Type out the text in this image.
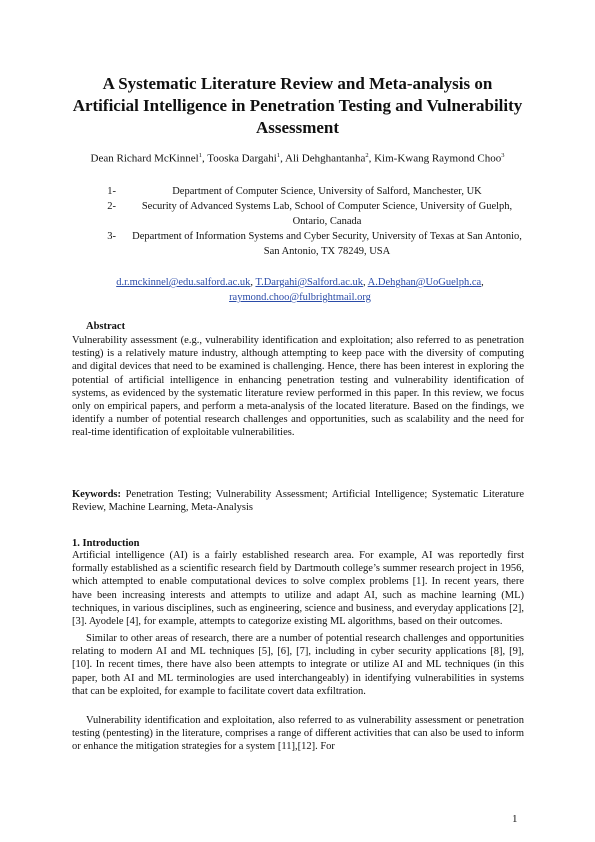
A Systematic Literature Review and Meta-analysis on Artificial Intelligence in Penetration Testing and Vulnerability Assessment
Dean Richard McKinnel$^1$, Tooska Dargahi$^1$, Ali Dehghantanha$^2$, Kim-Kwang Raymond Choo$^3$
1-	Department of Computer Science, University of Salford, Manchester, UK
2-	Security of Advanced Systems Lab, School of Computer Science, University of Guelph, Ontario, Canada
3-	Department of Information Systems and Cyber Security, University of Texas at San Antonio, San Antonio, TX 78249, USA
d.r.mckinnel@edu.salford.ac.uk, T.Dargahi@Salford.ac.uk, A.Dehghan@UoGuelph.ca,
raymond.choo@fulbrightmail.org
Abstract
Vulnerability assessment (e.g., vulnerability identification and exploitation; also referred to as penetration testing) is a relatively mature industry, although attempting to keep pace with the diversity of computing and digital devices that need to be examined is challenging. Hence, there has been interest in exploring the potential of artificial intelligence in enhancing penetration testing and vulnerability identification of systems, as evidenced by the systematic literature review performed in this paper. In this review, we focus only on empirical papers, and perform a meta-analysis of the located literature. Based on the findings, we identify a number of potential research challenges and opportunities, such as scalability and the need for real-time identification of exploitable vulnerabilities.
Keywords: Penetration Testing; Vulnerability Assessment; Artificial Intelligence; Systematic Literature Review, Machine Learning, Meta-Analysis
1. Introduction
Artificial intelligence (AI) is a fairly established research area. For example, AI was reportedly first formally established as a scientific research field by Dartmouth college’s summer research project in 1956, which attempted to enable computational devices to solve complex problems [1]. In recent years, there have been increasing interests and attempts to utilize and adapt AI, such as machine learning (ML) techniques, in various disciplines, such as engineering, science and business, and everyday applications [2],[3]. Ayodele [4], for example, attempts to categorize existing ML algorithms, based on their outcomes.
Similar to other areas of research, there are a number of potential research challenges and opportunities relating to modern AI and ML techniques [5], [6], [7], including in cyber security applications [8], [9], [10]. In recent times, there have also been attempts to integrate or utilize AI and ML techniques (in this paper, both AI and ML terminologies are used interchangeably) in identifying vulnerabilities in systems that can be exploited, for example to facilitate covert data exfiltration.
Vulnerability identification and exploitation, also referred to as vulnerability assessment or penetration testing (pentesting) in the literature, comprises a range of different activities that can also be used to inform or enhance the mitigation strategies for a system [11],[12]. For
1
